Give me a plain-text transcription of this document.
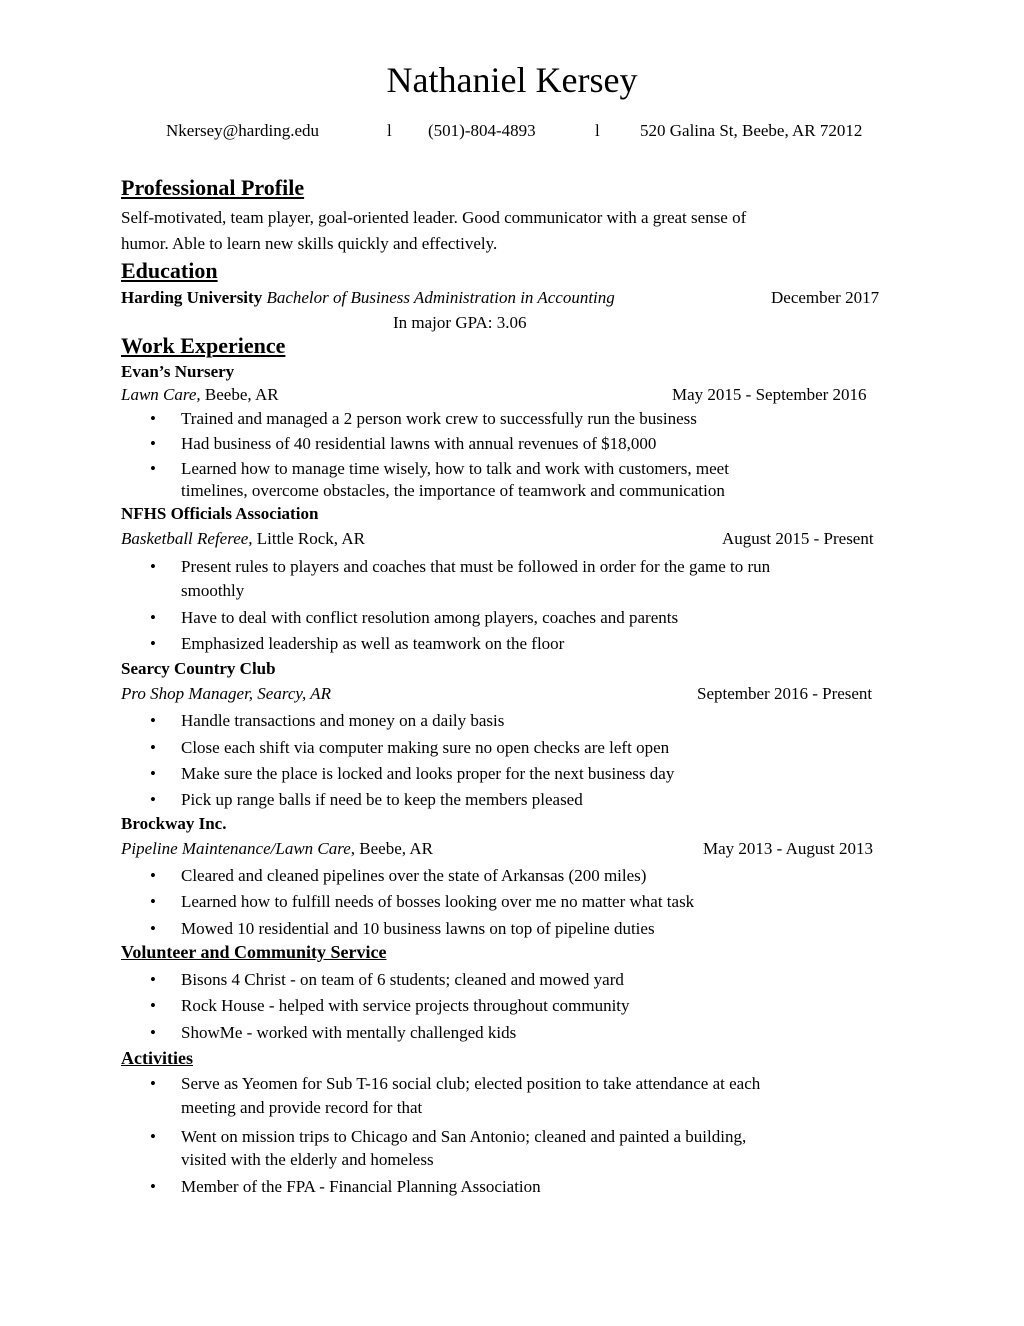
Nathaniel Kersey
Nkersey@harding.edu	l (501)-804-4893	l 520 Galina St, Beebe, AR 72012
Professional Profile
Self-motivated, team player, goal-oriented leader. Good communicator with a great sense of
humor. Able to learn new skills quickly and effectively.
Education
Harding University Bachelor of Business Administration in Accounting	December 2017
In major GPA: 3.06
Work Experience
Evan’s Nursery
Lawn Care, Beebe, AR	May 2015 - September 2016
• Trained and managed a 2 person work crew to successfully run the business
• Had business of 40 residential lawns with annual revenues of $18,000
• Learned how to manage time wisely, how to talk and work with customers, meet
timelines, overcome obstacles, the importance of teamwork and communication
NFHS Officials Association
Basketball Referee, Little Rock, AR	August 2015 - Present
• Present rules to players and coaches that must be followed in order for the game to run
smoothly
• Have to deal with conflict resolution among players, coaches and parents
• Emphasized leadership as well as teamwork on the floor
Searcy Country Club
Pro Shop Manager, Searcy, AR	September 2016 - Present
• Handle transactions and money on a daily basis
• Close each shift via computer making sure no open checks are left open
• Make sure the place is locked and looks proper for the next business day
• Pick up range balls if need be to keep the members pleased
Brockway Inc.
Pipeline Maintenance/Lawn Care, Beebe, AR	May 2013 - August 2013
• Cleared and cleaned pipelines over the state of Arkansas (200 miles)
• Learned how to fulfill needs of bosses looking over me no matter what task
• Mowed 10 residential and 10 business lawns on top of pipeline duties
Volunteer and Community Service
• Bisons 4 Christ - on team of 6 students; cleaned and mowed yard
• Rock House - helped with service projects throughout community
• ShowMe - worked with mentally challenged kids
Activities
• Serve as Yeomen for Sub T-16 social club; elected position to take attendance at each
meeting and provide record for that
• Went on mission trips to Chicago and San Antonio; cleaned and painted a building,
visited with the elderly and homeless
• Member of the FPA - Financial Planning Association
